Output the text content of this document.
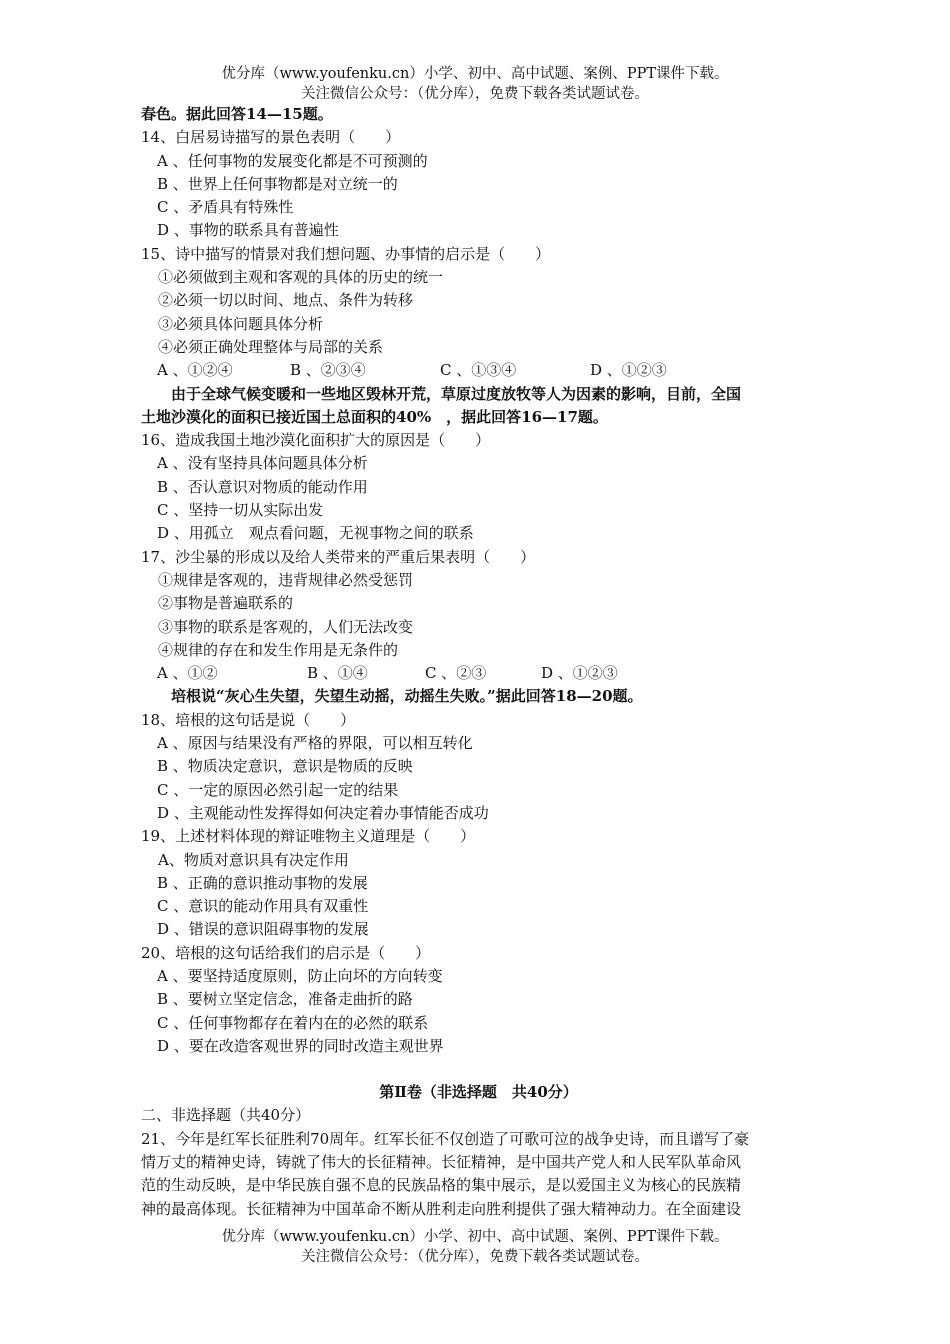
优分库（www.youfenku.cn）小学、初中、高中试题、案例、PPT课件下载。
关注微信公众号：（优分库），免费下载各类试题试卷。
春色。据此回答14—15题。
14、白居易诗描写的景色表明（　　）
A 、任何事物的发展变化都是不可预测的
B 、世界上任何事物都是对立统一的
C 、矛盾具有特殊性
D 、事物的联系具有普遍性
15、诗中描写的情景对我们想问题、办事情的启示是（　　）
①必须做到主观和客观的具体的历史的统一
②必须一切以时间、地点、条件为转移
③必须具体问题具体分析
④必须正确处理整体与局部的关系
A 、①②④	B 、②③④	C 、①③④	D 、①②③
由于全球气候变暖和一些地区毁林开荒，草原过度放牧等人为因素的影响，目前，全国
土地沙漠化的面积已接近国土总面积的40%　，据此回答16—17题。
16、造成我国土地沙漠化面积扩大的原因是（　　）
A 、没有坚持具体问题具体分析
B 、否认意识对物质的能动作用
C 、坚持一切从实际出发
D 、用孤立　观点看问题，无视事物之间的联系
17、沙尘暴的形成以及给人类带来的严重后果表明（　　）
①规律是客观的，违背规律必然受惩罚
②事物是普遍联系的
③事物的联系是客观的，人们无法改变
④规律的存在和发生作用是无条件的
A 、①②	B 、①④	C 、②③	D 、①②③
培根说“灰心生失望，失望生动摇，动摇生失败。”据此回答18—20题。
18、培根的这句话是说（　　）
A 、原因与结果没有严格的界限，可以相互转化
B 、物质决定意识，意识是物质的反映
C 、一定的原因必然引起一定的结果
D 、主观能动性发挥得如何决定着办事情能否成功
19、上述材料体现的辩证唯物主义道理是（　　）
A、物质对意识具有决定作用
B 、正确的意识推动事物的发展
C 、意识的能动作用具有双重性
D 、错误的意识阻碍事物的发展
20、培根的这句话给我们的启示是（　　）
A 、要坚持适度原则，防止向坏的方向转变
B 、要树立坚定信念，准备走曲折的路
C 、任何事物都存在着内在的必然的联系
D 、要在改造客观世界的同时改造主观世界
第Ⅱ卷（非选择题　共40分）
二、非选择题（共40分）
21、今年是红军长征胜利70周年。红军长征不仅创造了可歌可泣的战争史诗，而且谱写了豪
情万丈的精神史诗，铸就了伟大的长征精神。长征精神，是中国共产党人和人民军队革命风
范的生动反映，是中华民族自强不息的民族品格的集中展示，是以爱国主义为核心的民族精
神的最高体现。长征精神为中国革命不断从胜利走向胜利提供了强大精神动力。在全面建设
优分库（www.youfenku.cn）小学、初中、高中试题、案例、PPT课件下载。
关注微信公众号：（优分库），免费下载各类试题试卷。
